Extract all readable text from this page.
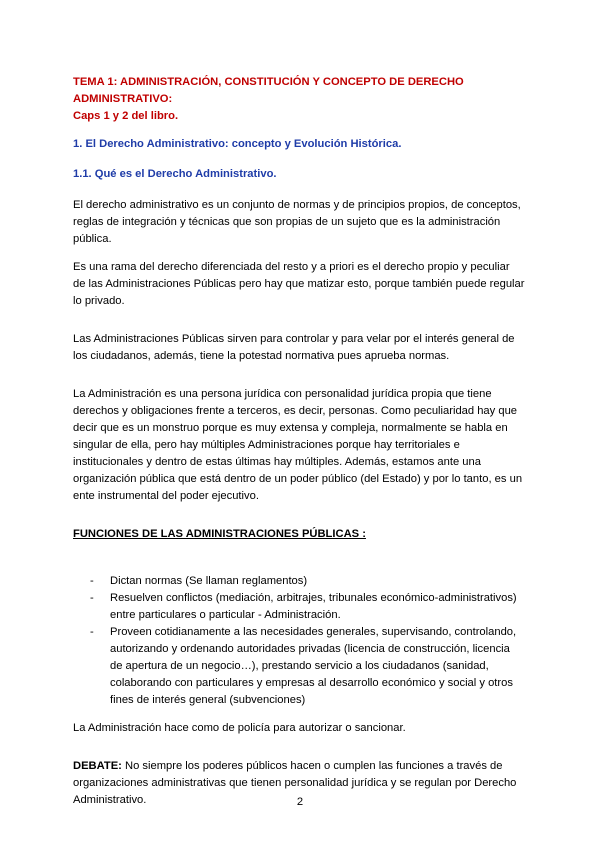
TEMA 1: ADMINISTRACIÓN, CONSTITUCIÓN Y CONCEPTO DE DERECHO ADMINISTRATIVO:
Caps 1 y 2 del libro.
1. El Derecho Administrativo: concepto y Evolución Histórica.
1.1. Qué es el Derecho Administrativo.

El derecho administrativo es un conjunto de normas y de principios propios, de conceptos, reglas de integración y técnicas que son propias de un sujeto que es la administración pública.

Es una rama del derecho diferenciada del resto y a priori es el derecho propio y peculiar de las Administraciones Públicas pero hay que matizar esto, porque también puede regular lo privado.

Las Administraciones Públicas sirven para controlar y para velar por el interés general de los ciudadanos, además, tiene la potestad normativa pues aprueba normas.

La Administración es una persona jurídica con personalidad jurídica propia que tiene derechos y obligaciones frente a terceros, es decir, personas. Como peculiaridad hay que decir que es un monstruo porque es muy extensa y compleja, normalmente se habla en singular de ella, pero hay múltiples Administraciones porque hay territoriales e institucionales y dentro de estas últimas hay múltiples. Además, estamos ante una organización pública que está dentro de un poder público (del Estado) y por lo tanto, es un ente instrumental del poder ejecutivo.

FUNCIONES DE LAS ADMINISTRACIONES PÚBLICAS :
- Dictan normas (Se llaman reglamentos)
- Resuelven conflictos (mediación, arbitrajes, tribunales económico-administrativos) entre particulares o particular - Administración.
- Proveen cotidianamente a las necesidades generales, supervisando, controlando, autorizando y ordenando autoridades privadas (licencia de construcción, licencia de apertura de un negocio…), prestando servicio a los ciudadanos (sanidad, colaborando con particulares y empresas al desarrollo económico y social y otros fines de interés general (subvenciones)

La Administración hace como de policía para autorizar o sancionar.

DEBATE: No siempre los poderes públicos hacen o cumplen las funciones a través de organizaciones administrativas que tienen personalidad jurídica y se regulan por Derecho Administrativo.	2
